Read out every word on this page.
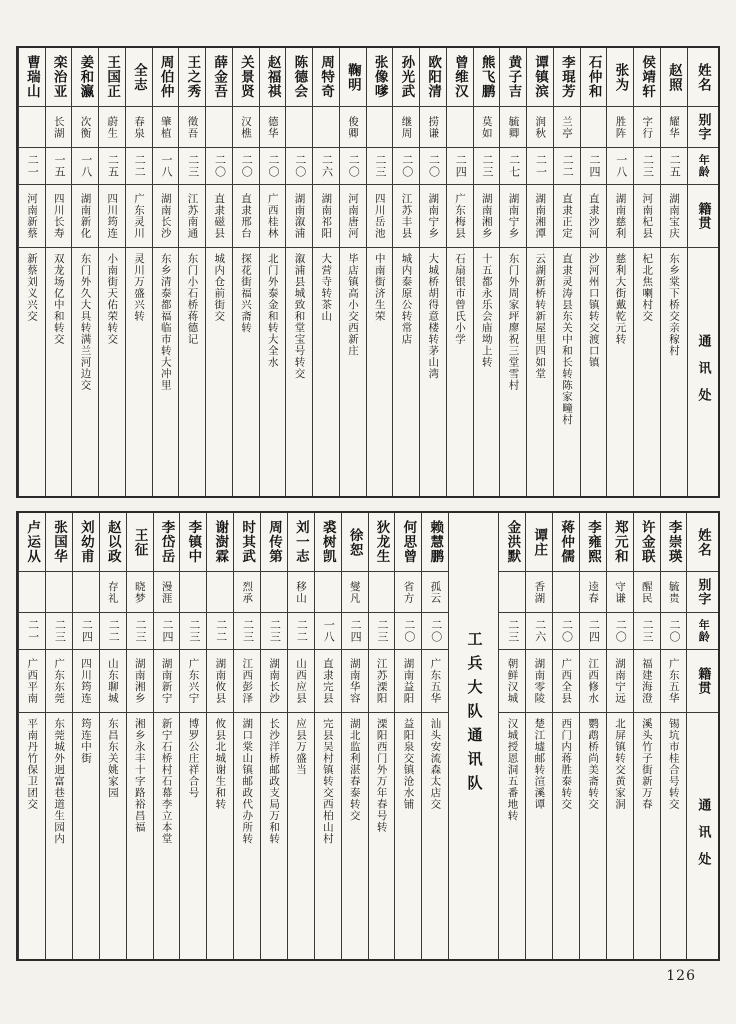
姓名
别字
年龄
籍贯
通讯处
赵照
耀华
二五
湖南宝庆
东乡棠下桥交亲稼村
侯靖轩
字行
二三
河南杞县
杞北焦喇村交
张为
胜阵
一八
湖南慈利
慈利大街戴乾元转
石仲和
二四
直隶沙河
沙河州口镇转交渡口镇
李琨芳
兰亭
二二
直隶正定
直隶灵涛县东关中和长转陈家疃村
谭镇滨
润秋
二一
湖南湘潭
云湖新桥转新屋里四如堂
黄子吉
毓卿
二七
湖南宁乡
东门外周家坪廖祝三堂雪村
熊飞鹏
莫如
二三
湖南湘乡
十五都永乐会庙坳上转
曾维汉
二四
广东梅县
石扇银市曾氏小学
欧阳清
捞谦
二〇
湖南宁乡
大城桥胡得意楼转茅山湾
孙光武
继周
二〇
江苏丰县
城内泰原公转常店
张像嗲
二三
四川岳池
中南街济生荣
鞠明
俊卿
二〇
河南唐河
毕店镇高小交西新庄
周特奇
二六
湖南祁阳
大营寺转茶山
陈德会
二〇
湖南溆浦
溆浦县城致和堂宝号转交
赵福祺
德华
二〇
广西桂林
北门外泰金和转大全水
关景贤
汉樵
二〇
直隶邢台
探花街福兴斋转
薛金吾
二〇
直隶磁县
城内仓前街交
王之秀
徵吾
二三
江苏南通
东门小石桥蒋德记
周伯仲
肇植
一八
湖南长沙
东乡清泰都福临市转大冲里
全志
春泉
二二
广东灵川
灵川万盛兴转
王国正
蔚生
二五
四川筠连
小南街天佑荣转交
姜和瀛
次衡
一八
湖南新化
东门外久大具转满兰河边交
栾治亚
长湖
一五
四川长寿
双龙场亿中和转交
曹瑞山
二一
河南新蔡
新蔡刘义兴交
姓名
别字
年龄
籍贯
通讯处
李崇瑛
毓贵
二〇
广东五华
锡坑市桂合号转交
许金联
醒民
二三
福建海澄
溪头竹子街新万春
郑元和
守谦
二〇
湖南宁远
北屏镇转交黄家洞
李雍熙
逵春
二四
江西修水
鹦鹉桥尚美斋转交
蒋仲儒
二〇
广西全县
西门内蒋胜泰转交
谭庄
香湖
二六
湖南零陵
楚江墟邮转渲溪谭
金洪默
二三
朝鲜汉城
汉城授恩洞五番地转
工兵大队通讯队
赖慧鹏
孤云
二〇
广东五华
汕头安流森太店交
何思曾
省方
二〇
湖南益阳
益阳泉交镇沧水铺
狄龙生
二三
江苏溧阳
溧阳西门外万年春号转
徐恕
燮凡
二四
湖南华容
湖北监利湛春泰转交
裘树凯
一八
直隶完县
完县吴村镇转交西柏山村
刘一志
移山
二二
山西应县
应县万盛当
周传第
二三
湖南长沙
长沙洋桥邮政支局万和转
时其武
烈承
二三
江西彭泽
湖口棠山镇邮政代办所转
谢澍霖
二二
湖南攸县
攸县北城谢生和转
李镇中
二三
广东兴宁
博罗公庄祥合号
李岱岳
漫涯
二四
湖南新宁
新宁石桥村石幕李立本堂
王征
晓梦
二三
湖南湘乡
湘乡永丰十字路裕昌福
赵以政
存礼
二二
山东聊城
东昌东关姚家园
刘幼甫
二四
四川筠连
筠连中街
张国华
二三
广东东莞
东莞城外迥富巷道生园内
卢运从
二一
广西平南
平南丹竹保卫团交
126
